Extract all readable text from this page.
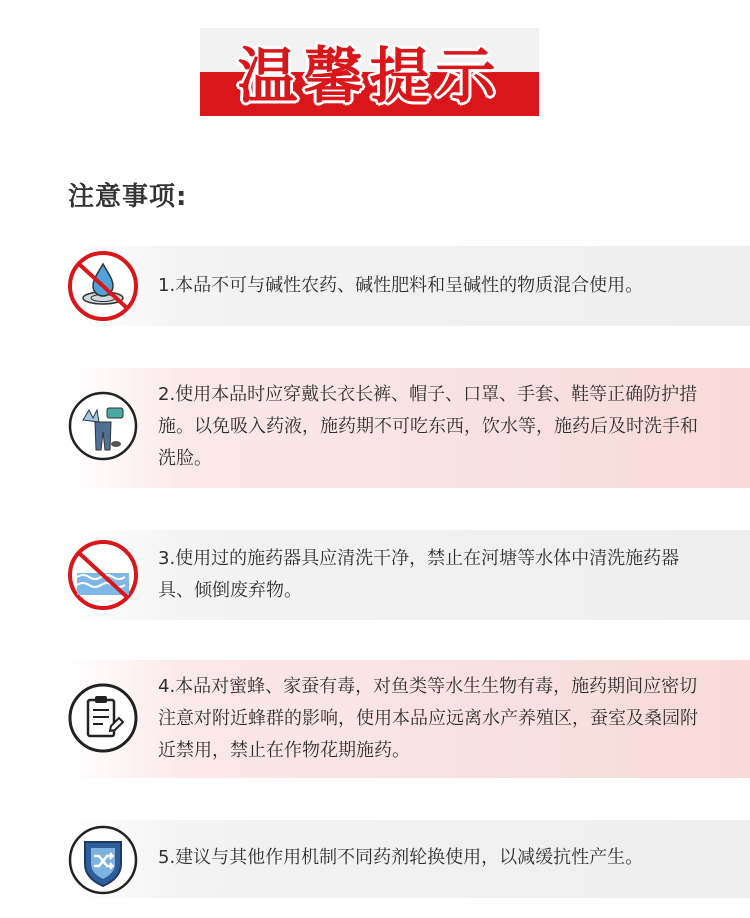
温馨提示
注意事项:
1.本品不可与碱性农药、碱性肥料和呈碱性的物质混合使用。
2.使用本品时应穿戴长衣长裤、帽子、口罩、手套、鞋等正确防护措施。以免吸入药液，施药期不可吃东西，饮水等，施药后及时洗手和洗脸。
3.使用过的施药器具应清洗干净，禁止在河塘等水体中清洗施药器具、倾倒废弃物。
4.本品对蜜蜂、家蚕有毒，对鱼类等水生生物有毒，施药期间应密切注意对附近蜂群的影响，使用本品应远离水产养殖区，蚕室及桑园附近禁用，禁止在作物花期施药。
5.建议与其他作用机制不同药剂轮换使用，以减缓抗性产生。
